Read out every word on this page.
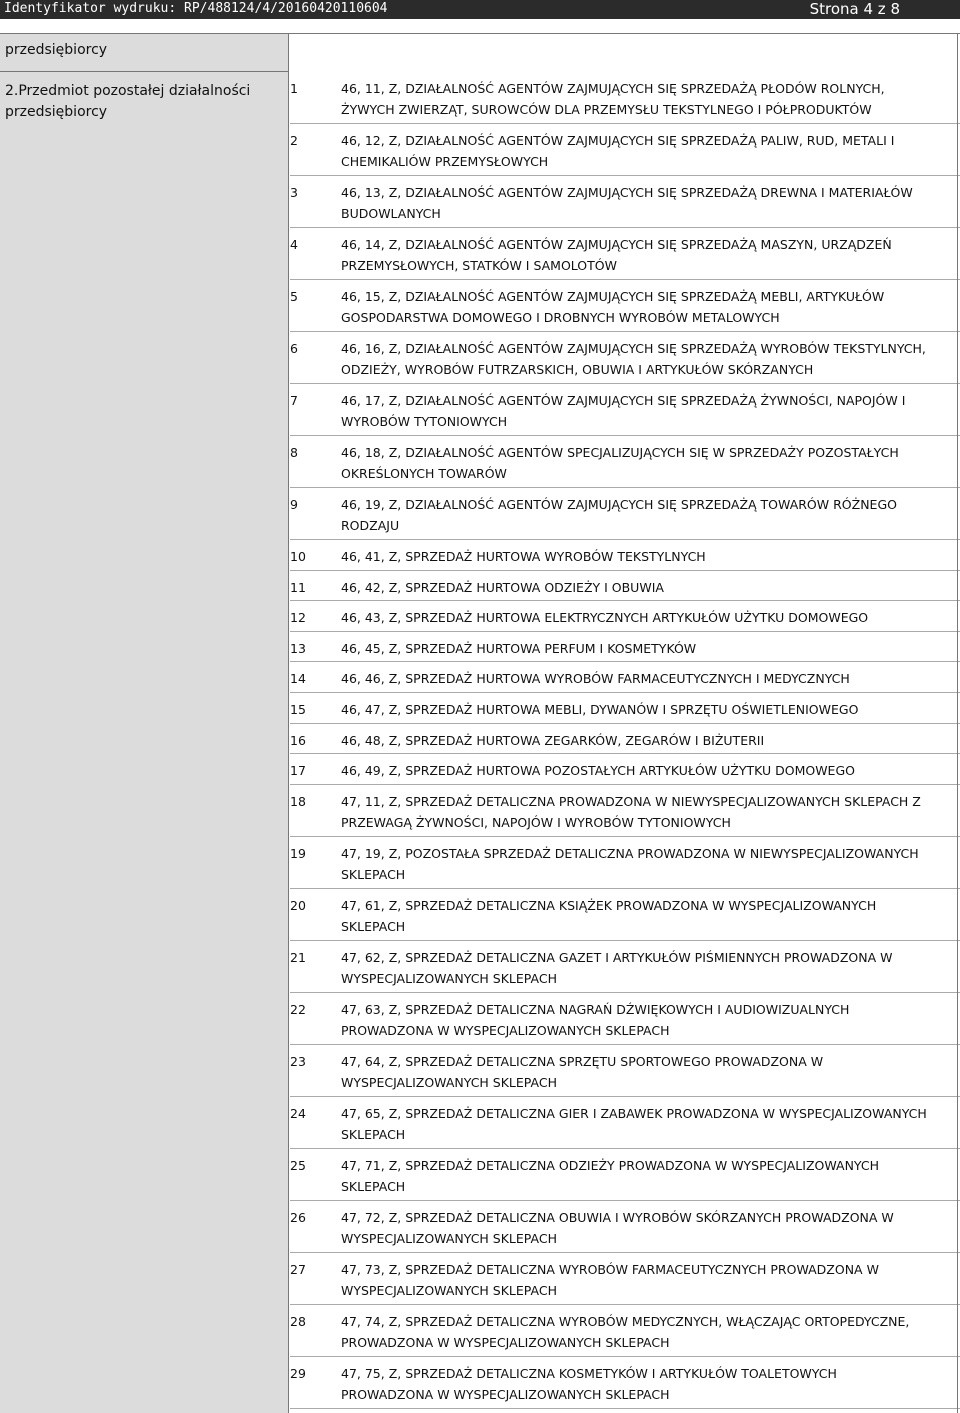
Identyfikator wydruku: RP/488124/4/20160420110604	Strona 4 z 8
przedsiębiorcy
2.Przedmiot pozostałej działalności
przedsiębiorcy
1	46, 11, Z, DZIAŁALNOŚĆ AGENTÓW ZAJMUJĄCYCH SIĘ SPRZEDAŻĄ PŁODÓW ROLNYCH,
ŻYWYCH ZWIERZĄT, SUROWCÓW DLA PRZEMYSŁU TEKSTYLNEGO I PÓŁPRODUKTÓW
2	46, 12, Z, DZIAŁALNOŚĆ AGENTÓW ZAJMUJĄCYCH SIĘ SPRZEDAŻĄ PALIW, RUD, METALI I
CHEMIKALIÓW PRZEMYSŁOWYCH
3	46, 13, Z, DZIAŁALNOŚĆ AGENTÓW ZAJMUJĄCYCH SIĘ SPRZEDAŻĄ DREWNA I MATERIAŁÓW
BUDOWLANYCH
4	46, 14, Z, DZIAŁALNOŚĆ AGENTÓW ZAJMUJĄCYCH SIĘ SPRZEDAŻĄ MASZYN, URZĄDZEŃ
PRZEMYSŁOWYCH, STATKÓW I SAMOLOTÓW
5	46, 15, Z, DZIAŁALNOŚĆ AGENTÓW ZAJMUJĄCYCH SIĘ SPRZEDAŻĄ MEBLI, ARTYKUŁÓW
GOSPODARSTWA DOMOWEGO I DROBNYCH WYROBÓW METALOWYCH
6	46, 16, Z, DZIAŁALNOŚĆ AGENTÓW ZAJMUJĄCYCH SIĘ SPRZEDAŻĄ WYROBÓW TEKSTYLNYCH,
ODZIEŻY, WYROBÓW FUTRZARSKICH, OBUWIA I ARTYKUŁÓW SKÓRZANYCH
7	46, 17, Z, DZIAŁALNOŚĆ AGENTÓW ZAJMUJĄCYCH SIĘ SPRZEDAŻĄ ŻYWNOŚCI, NAPOJÓW I
WYROBÓW TYTONIOWYCH
8	46, 18, Z, DZIAŁALNOŚĆ AGENTÓW SPECJALIZUJĄCYCH SIĘ W SPRZEDAŻY POZOSTAŁYCH
OKREŚLONYCH TOWARÓW
9	46, 19, Z, DZIAŁALNOŚĆ AGENTÓW ZAJMUJĄCYCH SIĘ SPRZEDAŻĄ TOWARÓW RÓŻNEGO
RODZAJU
10	46, 41, Z, SPRZEDAŻ HURTOWA WYROBÓW TEKSTYLNYCH
11	46, 42, Z, SPRZEDAŻ HURTOWA ODZIEŻY I OBUWIA
12	46, 43, Z, SPRZEDAŻ HURTOWA ELEKTRYCZNYCH ARTYKUŁÓW UŻYTKU DOMOWEGO
13	46, 45, Z, SPRZEDAŻ HURTOWA PERFUM I KOSMETYKÓW
14	46, 46, Z, SPRZEDAŻ HURTOWA WYROBÓW FARMACEUTYCZNYCH I MEDYCZNYCH
15	46, 47, Z, SPRZEDAŻ HURTOWA MEBLI, DYWANÓW I SPRZĘTU OŚWIETLENIOWEGO
16	46, 48, Z, SPRZEDAŻ HURTOWA ZEGARKÓW, ZEGARÓW I BIŻUTERII
17	46, 49, Z, SPRZEDAŻ HURTOWA POZOSTAŁYCH ARTYKUŁÓW UŻYTKU DOMOWEGO
18	47, 11, Z, SPRZEDAŻ DETALICZNA PROWADZONA W NIEWYSPECJALIZOWANYCH SKLEPACH Z
PRZEWAGĄ ŻYWNOŚCI, NAPOJÓW I WYROBÓW TYTONIOWYCH
19	47, 19, Z, POZOSTAŁA SPRZEDAŻ DETALICZNA PROWADZONA W NIEWYSPECJALIZOWANYCH
SKLEPACH
20	47, 61, Z, SPRZEDAŻ DETALICZNA KSIĄŻEK PROWADZONA W WYSPECJALIZOWANYCH
SKLEPACH
21	47, 62, Z, SPRZEDAŻ DETALICZNA GAZET I ARTYKUŁÓW PIŚMIENNYCH PROWADZONA W
WYSPECJALIZOWANYCH SKLEPACH
22	47, 63, Z, SPRZEDAŻ DETALICZNA NAGRAŃ DŹWIĘKOWYCH I AUDIOWIZUALNYCH
PROWADZONA W WYSPECJALIZOWANYCH SKLEPACH
23	47, 64, Z, SPRZEDAŻ DETALICZNA SPRZĘTU SPORTOWEGO PROWADZONA W
WYSPECJALIZOWANYCH SKLEPACH
24	47, 65, Z, SPRZEDAŻ DETALICZNA GIER I ZABAWEK PROWADZONA W WYSPECJALIZOWANYCH
SKLEPACH
25	47, 71, Z, SPRZEDAŻ DETALICZNA ODZIEŻY PROWADZONA W WYSPECJALIZOWANYCH
SKLEPACH
26	47, 72, Z, SPRZEDAŻ DETALICZNA OBUWIA I WYROBÓW SKÓRZANYCH PROWADZONA W
WYSPECJALIZOWANYCH SKLEPACH
27	47, 73, Z, SPRZEDAŻ DETALICZNA WYROBÓW FARMACEUTYCZNYCH PROWADZONA W
WYSPECJALIZOWANYCH SKLEPACH
28	47, 74, Z, SPRZEDAŻ DETALICZNA WYROBÓW MEDYCZNYCH, WŁĄCZAJĄC ORTOPEDYCZNE,
PROWADZONA W WYSPECJALIZOWANYCH SKLEPACH
29	47, 75, Z, SPRZEDAŻ DETALICZNA KOSMETYKÓW I ARTYKUŁÓW TOALETOWYCH
PROWADZONA W WYSPECJALIZOWANYCH SKLEPACH
